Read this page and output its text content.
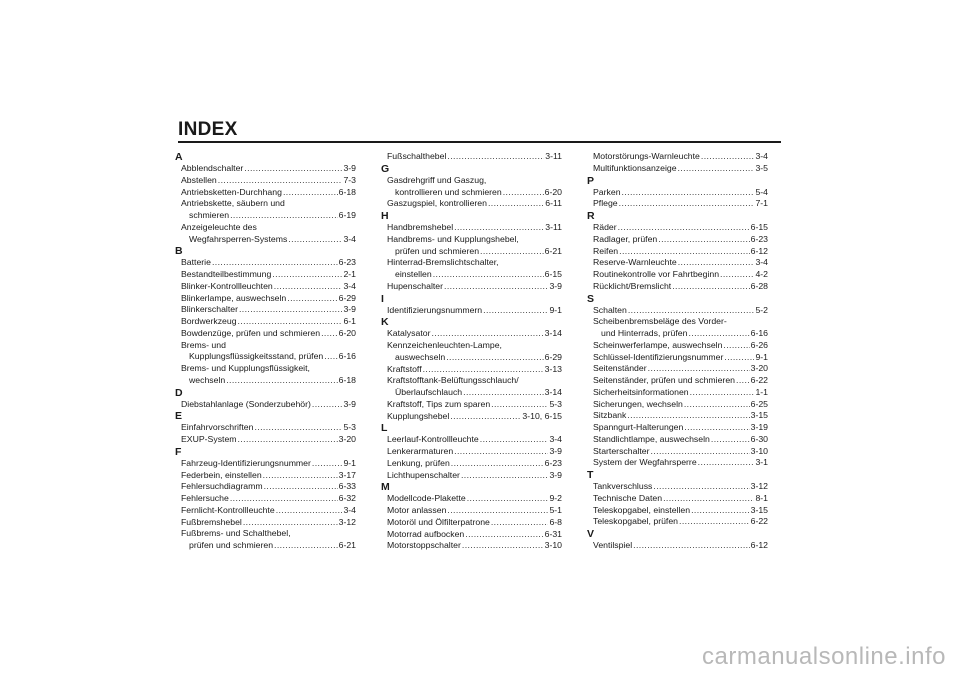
INDEX
A
Abblendschalter .....	3-9
Abstellen .....	7-3
Antriebsketten-Durchhang .....	6-18
Antriebskette, säubern und
schmieren .....	6-19
Anzeigeleuchte des
Wegfahrsperren-Systems .....	3-4
B
Batterie .....	6-23
Bestandteilbestimmung .....	2-1
Blinker-Kontrollleuchten .....	3-4
Blinkerlampe, auswechseln .....	6-29
Blinkerschalter .....	3-9
Bordwerkzeug .....	6-1
Bowdenzüge, prüfen und schmieren ..... 6-20
Brems- und
Kupplungsflüssigkeitsstand, prüfen ..... 6-16
Brems- und Kupplungsflüssigkeit,
wechseln .....	6-18
D
Diebstahlanlage (Sonderzubehör) .....	3-9
E
Einfahrvorschriften .....	5-3
EXUP-System .....	3-20
F
Fahrzeug-Identifizierungsnummer .....	9-1
Federbein, einstellen .....	3-17
Fehlersuchdiagramm .....	6-33
Fehlersuche .....	6-32
Fernlicht-Kontrollleuchte .....	3-4
Fußbremshebel .....	3-12
Fußbrems- und Schalthebel,
prüfen und schmieren .....	6-21
Fußschalthebel .....	3-11
G
Gasdrehgriff und Gaszug,
kontrollieren und schmieren .....	6-20
Gaszugspiel, kontrollieren .....	6-11
H
Handbremshebel .....	3-11
Handbrems- und Kupplungshebel,
prüfen und schmieren .....	6-21
Hinterrad-Bremslichtschalter,
einstellen .....	6-15
Hupenschalter .....	3-9
I
Identifizierungsnummern .....	9-1
K
Katalysator .....	3-14
Kennzeichenleuchten-Lampe,
auswechseln .....	6-29
Kraftstoff .....	3-13
Kraftstofftank-Belüftungsschlauch/
Überlaufschlauch .....	3-14
Kraftstoff, Tips zum sparen .....	5-3
Kupplungshebel .....	3-10, 6-15
L
Leerlauf-Kontrollleuchte .....	3-4
Lenkerarmaturen .....	3-9
Lenkung, prüfen .....	6-23
Lichthupenschalter .....	3-9
M
Modellcode-Plakette .....	9-2
Motor anlassen .....	5-1
Motoröl und Ölfilterpatrone .....	6-8
Motorrad aufbocken .....	6-31
Motorstoppschalter .....	3-10
Motorstörungs-Warnleuchte .....	3-4
Multifunktionsanzeige .....	3-5
P
Parken .....	5-4
Pflege .....	7-1
R
Räder .....	6-15
Radlager, prüfen .....	6-23
Reifen .....	6-12
Reserve-Warnleuchte .....	3-4
Routinekontrolle vor Fahrtbeginn .....	4-2
Rücklicht/Bremslicht .....	6-28
S
Schalten .....	5-2
Scheibenbremsbeläge des Vorder-
und Hinterrads, prüfen .....	6-16
Scheinwerferlampe, auswechseln .....	6-26
Schlüssel-Identifizierungsnummer .....	9-1
Seitenständer .....	3-20
Seitenständer, prüfen und schmieren ..... 6-22
Sicherheitsinformationen .....	1-1
Sicherungen, wechseln .....	6-25
Sitzbank .....	3-15
Spanngurt-Halterungen .....	3-19
Standlichtlampe, auswechseln .....	6-30
Starterschalter .....	3-10
System der Wegfahrsperre .....	3-1
T
Tankverschluss .....	3-12
Technische Daten .....	8-1
Teleskopgabel, einstellen .....	3-15
Teleskopgabel, prüfen .....	6-22
V
Ventilspiel .....	6-12
carmanualsonline.info
